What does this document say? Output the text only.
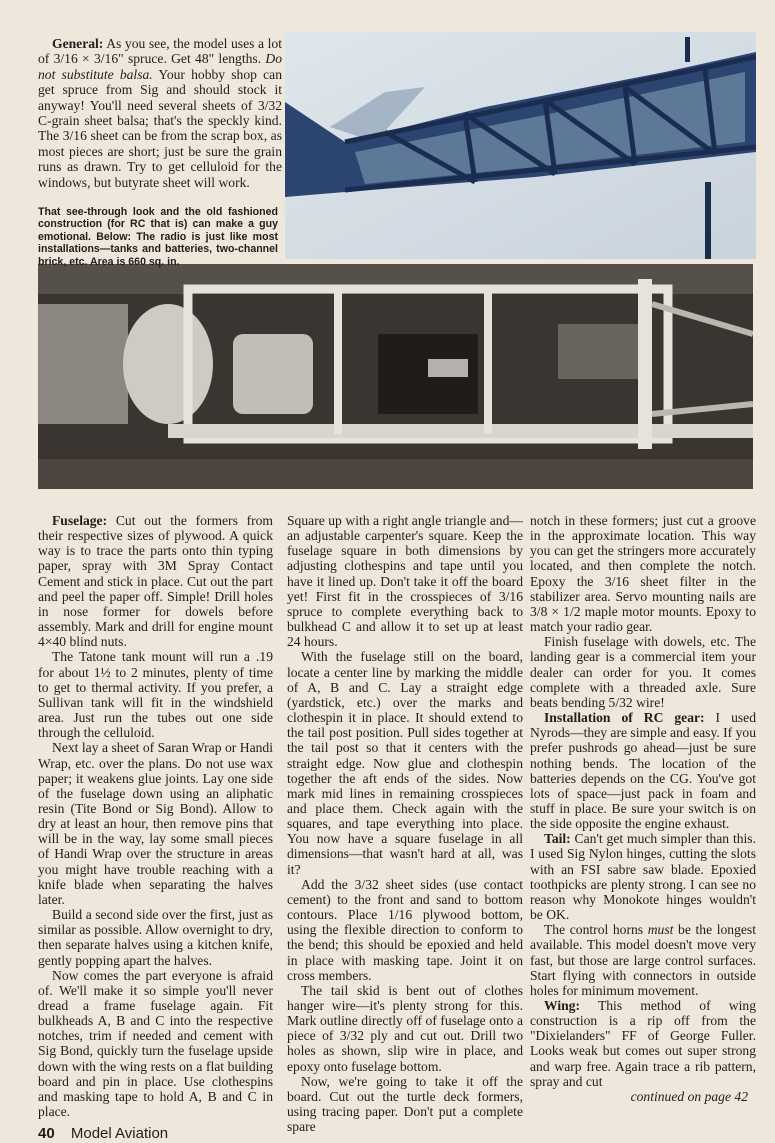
General: As you see, the model uses a lot of 3/16 × 3/16" spruce. Get 48" lengths. Do not substitute balsa. Your hobby shop can get spruce from Sig and should stock it anyway! You'll need several sheets of 3/32 C-grain sheet balsa; that's the speckly kind. The 3/16 sheet can be from the scrap box, as most pieces are short; just be sure the grain runs as drawn. Try to get celluloid for the windows, but butyrate sheet will work.

That see-through look and the old fashioned construction (for RC that is) can make a guy emotional. Below: The radio is just like most installations—tanks and batteries, two-channel brick, etc. Area is 660 sq. in.

Fuselage: Cut out the formers from their respective sizes of plywood. A quick way is to trace the parts onto thin typing paper, spray with 3M Spray Contact Cement and stick in place. Cut out the part and peel the paper off. Simple! Drill holes in nose former for dowels before assembly. Mark and drill for engine mount 4×40 blind nuts.

The Tatone tank mount will run a .19 for about 1½ to 2 minutes, plenty of time to get to thermal activity. If you prefer, a Sullivan tank will fit in the windshield area. Just run the tubes out one side through the celluloid.

Next lay a sheet of Saran Wrap or Handi Wrap, etc. over the plans. Do not use wax paper; it weakens glue joints. Lay one side of the fuselage down using an aliphatic resin (Tite Bond or Sig Bond). Allow to dry at least an hour, then remove pins that will be in the way, lay some small pieces of Handi Wrap over the structure in areas you might have trouble reaching with a knife blade when separating the halves later.

Build a second side over the first, just as similar as possible. Allow overnight to dry, then separate halves using a kitchen knife, gently popping apart the halves.

Now comes the part everyone is afraid of. We'll make it so simple you'll never dread a frame fuselage again. Fit bulkheads A, B and C into the respective notches, trim if needed and cement with Sig Bond, quickly turn the fuselage upside down with the wing rests on a flat building board and pin in place. Use clothespins and masking tape to hold A, B and C in place.

40 Model Aviation

Square up with a right angle triangle and—an adjustable carpenter's square. Keep the fuselage square in both dimensions by adjusting clothespins and tape until you have it lined up. Don't take it off the board yet! First fit in the crosspieces of 3/16 spruce to complete everything back to bulkhead C and allow it to set up at least 24 hours.

With the fuselage still on the board, locate a center line by marking the middle of A, B and C. Lay a straight edge (yardstick, etc.) over the marks and clothespin it in place. It should extend to the tail post position. Pull sides together at the tail post so that it centers with the straight edge. Now glue and clothespin together the aft ends of the sides. Now mark mid lines in remaining crosspieces and place them. Check again with the squares, and tape everything into place. You now have a square fuselage in all dimensions—that wasn't hard at all, was it?

Add the 3/32 sheet sides (use contact cement) to the front and sand to bottom contours. Place 1/16 plywood bottom, using the flexible direction to conform to the bend; this should be epoxied and held in place with masking tape. Joint it on cross members.

The tail skid is bent out of clothes hanger wire—it's plenty strong for this. Mark outline directly off of fuselage onto a piece of 3/32 ply and cut out. Drill two holes as shown, slip wire in place, and epoxy onto fuselage bottom.

Now, we're going to take it off the board. Cut out the turtle deck formers, using tracing paper. Don't put a complete spare

notch in these formers; just cut a groove in the approximate location. This way you can get the stringers more accurately located, and then complete the notch. Epoxy the 3/16 sheet filter in the stabilizer area. Servo mounting nails are 3/8 × 1/2 maple motor mounts. Epoxy to match your radio gear.

Finish fuselage with dowels, etc. The landing gear is a commercial item your dealer can order for you. It comes complete with a threaded axle. Sure beats bending 5/32 wire!

Installation of RC gear: I used Nyrods—they are simple and easy. If you prefer pushrods go ahead—just be sure nothing bends. The location of the batteries depends on the CG. You've got lots of space—just pack in foam and stuff in place. Be sure your switch is on the side opposite the engine exhaust.

Tail: Can't get much simpler than this. I used Sig Nylon hinges, cutting the slots with an FSI sabre saw blade. Epoxied toothpicks are plenty strong. I can see no reason why Monokote hinges wouldn't be OK.

The control horns must be the longest available. This model doesn't move very fast, but those are large control surfaces. Start flying with connectors in outside holes for minimum movement.

Wing: This method of wing construction is a rip off from the "Dixielanders" FF of George Fuller. Looks weak but comes out super strong and warp free. Again trace a rib pattern, spray and cut

continued on page 42
